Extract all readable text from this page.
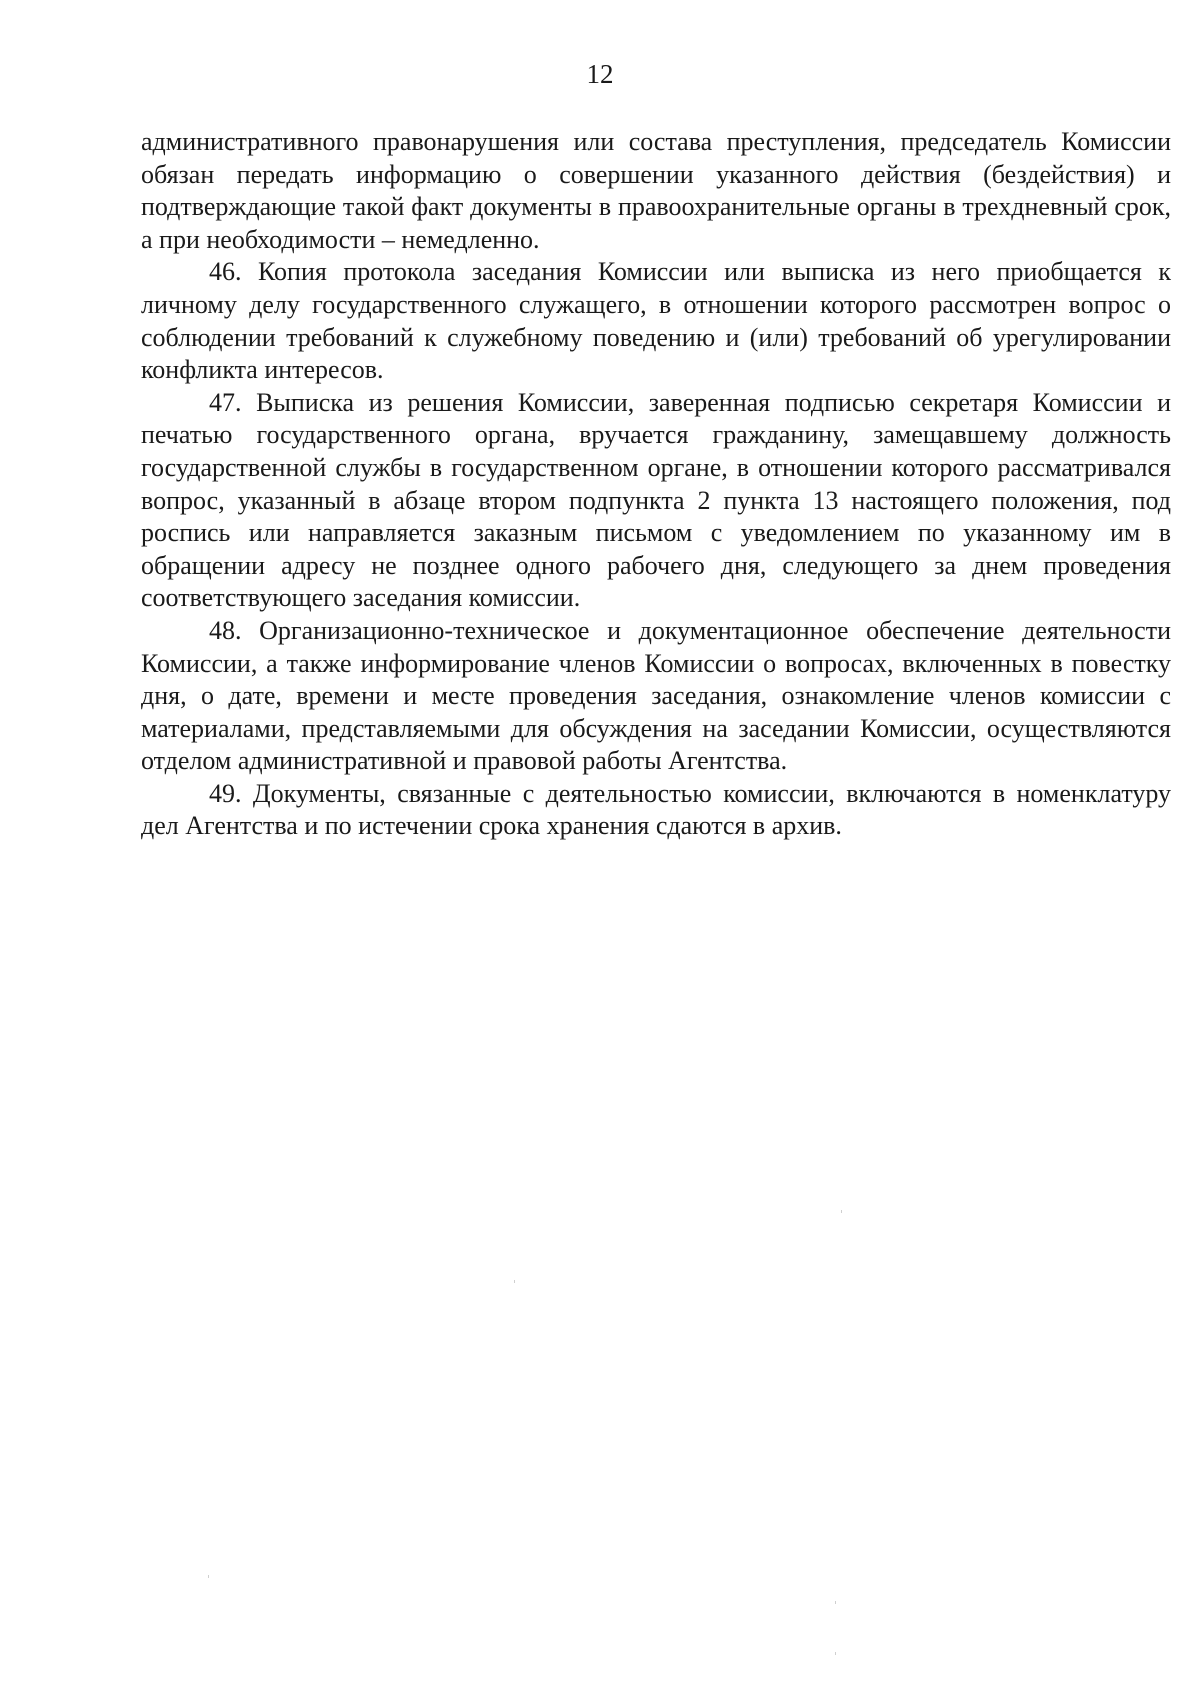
12

административного правонарушения или состава преступления, председатель Комиссии обязан передать информацию о совершении указанного действия (бездействия) и подтверждающие такой факт документы в правоохранительные органы в трехдневный срок, а при необходимости – немедленно.

46. Копия протокола заседания Комиссии или выписка из него приобщается к личному делу государственного служащего, в отношении которого рассмотрен вопрос о соблюдении требований к служебному поведению и (или) требований об урегулировании конфликта интересов.

47. Выписка из решения Комиссии, заверенная подписью секретаря Комиссии и печатью государственного органа, вручается гражданину, замещавшему должность государственной службы в государственном органе, в отношении которого рассматривался вопрос, указанный в абзаце втором подпункта 2 пункта 13 настоящего положения, под роспись или направляется заказным письмом с уведомлением по указанному им в обращении адресу не позднее одного рабочего дня, следующего за днем проведения соответствующего заседания комиссии.

48. Организационно-техническое и документационное обеспечение деятельности Комиссии, а также информирование членов Комиссии о вопросах, включенных в повестку дня, о дате, времени и месте проведения заседания, ознакомление членов комиссии с материалами, представляемыми для обсуждения на заседании Комиссии, осуществляются отделом административной и правовой работы Агентства.

49. Документы, связанные с деятельностью комиссии, включаются в номенклатуру дел Агентства и по истечении срока хранения сдаются в архив.
